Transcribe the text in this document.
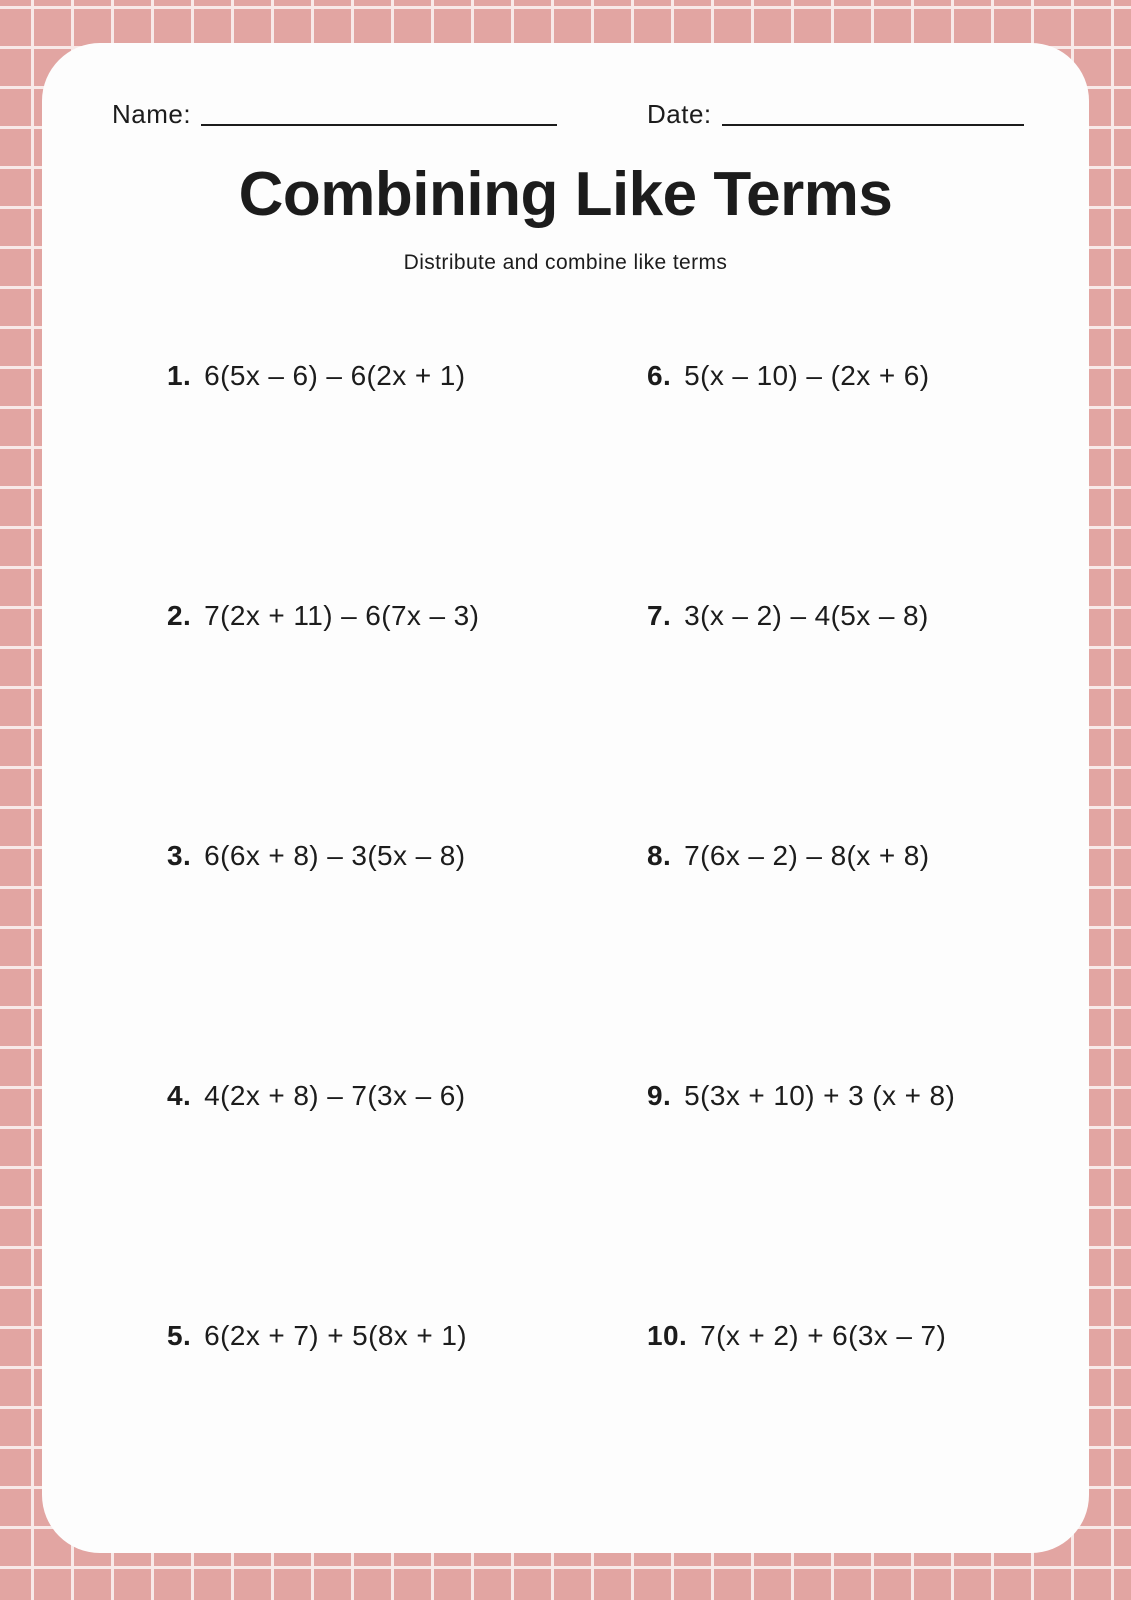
Name:	Date:
Combining Like Terms

Distribute and combine like terms

1. 6(5x – 6) – 6(2x + 1)	6. 5(x – 10) – (2x + 6)
2. 7(2x + 11) – 6(7x – 3)	7. 3(x – 2) – 4(5x – 8)
3. 6(6x + 8) – 3(5x – 8)	8. 7(6x – 2) – 8(x + 8)
4. 4(2x + 8) – 7(3x – 6)	9. 5(3x + 10) + 3 (x + 8)
5. 6(2x + 7) + 5(8x + 1)	10. 7(x + 2) + 6(3x – 7)
